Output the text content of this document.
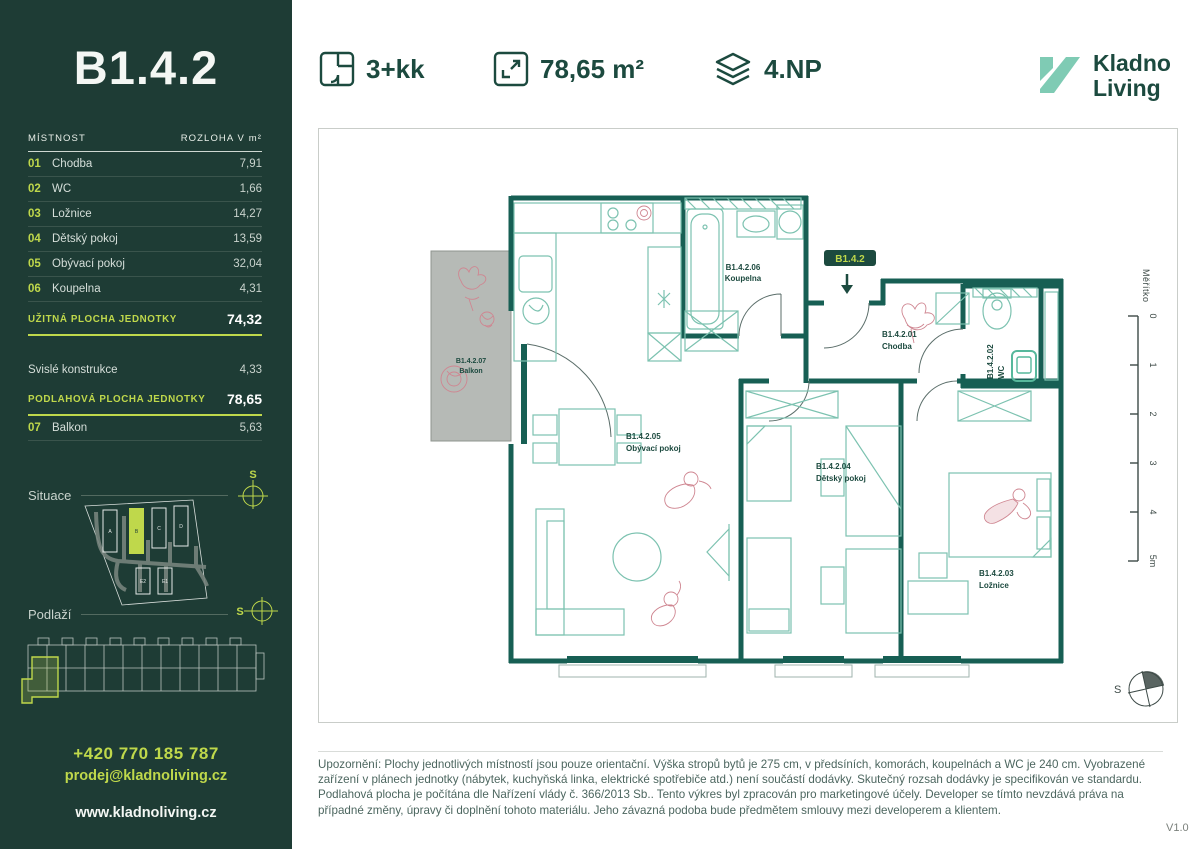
B1.4.2
MÍSTNOST	ROZLOHA V m²
01 Chodba	7,91
02 WC	1,66
03 Ložnice	14,27
04 Dětský pokoj	13,59
05 Obývací pokoj	32,04
06 Koupelna	4,31
UŽITNÁ PLOCHA JEDNOTKY	74,32
Svislé konstrukce	4,33
PODLAHOVÁ PLOCHA JEDNOTKY 78,65
07 Balkon	5,63
Situace
S
A	B	C	D
E2	E1
Podlaží	S
+420 770 185 787
prodej@kladnoliving.cz
www.kladnoliving.cz
3+kk	78,65 m²	4.NP	Kladno
Living
B1.4.2
B1.4.2.06
Koupelna
B1.4.2.01
Chodba	B1.4.2.02 WC
B1.4.2.03
Ložnice
B1.4.2.04
Dětský pokoj
B1.4.2.05
Obývací pokoj
B1.4.2.07
Balkon
Měřítko
0
1
2
3
4
5m
S
Upozornění: Plochy jednotlivých místností jsou pouze orientační. Výška stropů bytů je 275 cm, v předsíních, komorách, koupelnách a WC je 240 cm. Vyobrazené zařízení v plánech jednotky (nábytek, kuchyňská linka, elektrické spotřebiče atd.) není součástí dodávky. Skutečný rozsah dodávky je specifikován ve standardu. Podlahová plocha je počítána dle Nařízení vlády č. 366/2013 Sb.. Tento výkres byl zpracován pro marketingové účely. Developer se tímto nevzdává práva na případné změny, úpravy či doplnění tohoto materiálu. Jeho závazná podoba bude předmětem smlouvy mezi developerem a klientem.
V1.0
